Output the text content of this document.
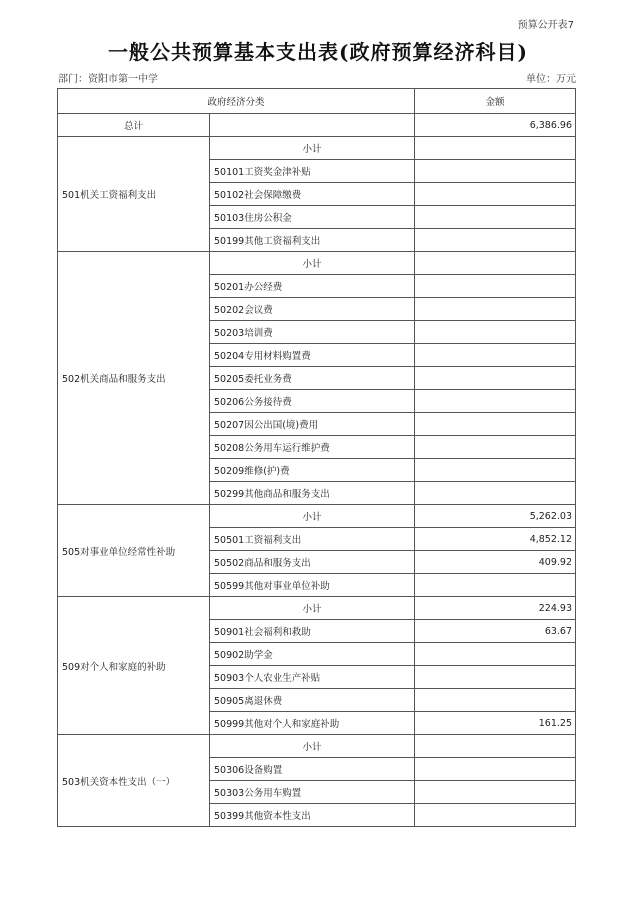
预算公开表7
一般公共预算基本支出表(政府预算经济科目)
部门：资阳市第一中学	单位：万元
政府经济分类		金额
总计		6,386.96
501机关工资福利支出	小计	
	50101工资奖金津补贴	
	50102社会保障缴费	
	50103住房公积金	
	50199其他工资福利支出	
502机关商品和服务支出	小计	
	50201办公经费	
	50202会议费	
	50203培训费	
	50204专用材料购置费	
	50205委托业务费	
	50206公务接待费	
	50207因公出国(境)费用	
	50208公务用车运行维护费	
	50209维修(护)费	
	50299其他商品和服务支出	
505对事业单位经常性补助	小计	5,262.03
	50501工资福利支出	4,852.12
	50502商品和服务支出	409.92
	50599其他对事业单位补助	
509对个人和家庭的补助	小计	224.93
	50901社会福利和救助	63.67
	50902助学金	
	50903个人农业生产补贴	
	50905离退休费	
	50999其他对个人和家庭补助	161.25
503机关资本性支出（一）	小计	
	50306设备购置	
	50303公务用车购置	
	50399其他资本性支出	
